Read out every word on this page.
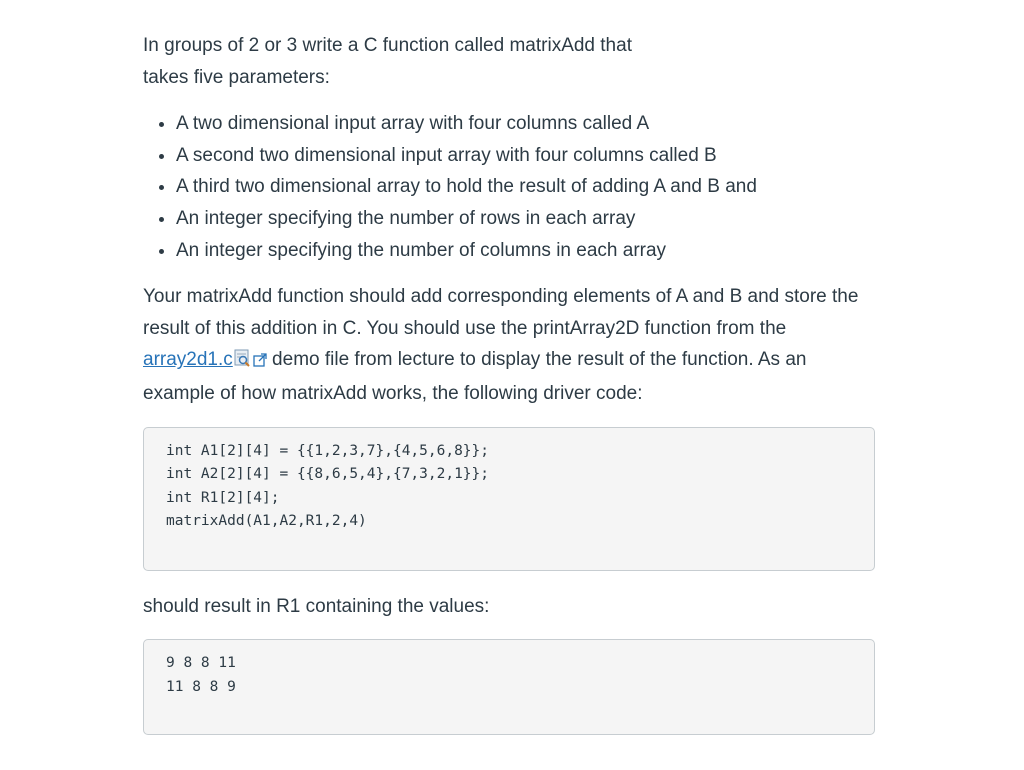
In groups of 2 or 3 write a C function called matrixAdd that
takes five parameters:

• A two dimensional input array with four columns called A
• A second two dimensional input array with four columns called B
• A third two dimensional array to hold the result of adding A and B and
• An integer specifying the number of rows in each array
• An integer specifying the number of columns in each array

Your matrixAdd function should add corresponding elements of A and B and store the result of this addition in C. You should use the printArray2D function from the array2d1.c demo file from lecture to display the result of the function. As an example of how matrixAdd works, the following driver code:

int A1[2][4] = {{1,2,3,7},{4,5,6,8}};
int A2[2][4] = {{8,6,5,4},{7,3,2,1}};
int R1[2][4];
matrixAdd(A1,A2,R1,2,4)

should result in R1 containing the values:

9 8 8 11
11 8 8 9
